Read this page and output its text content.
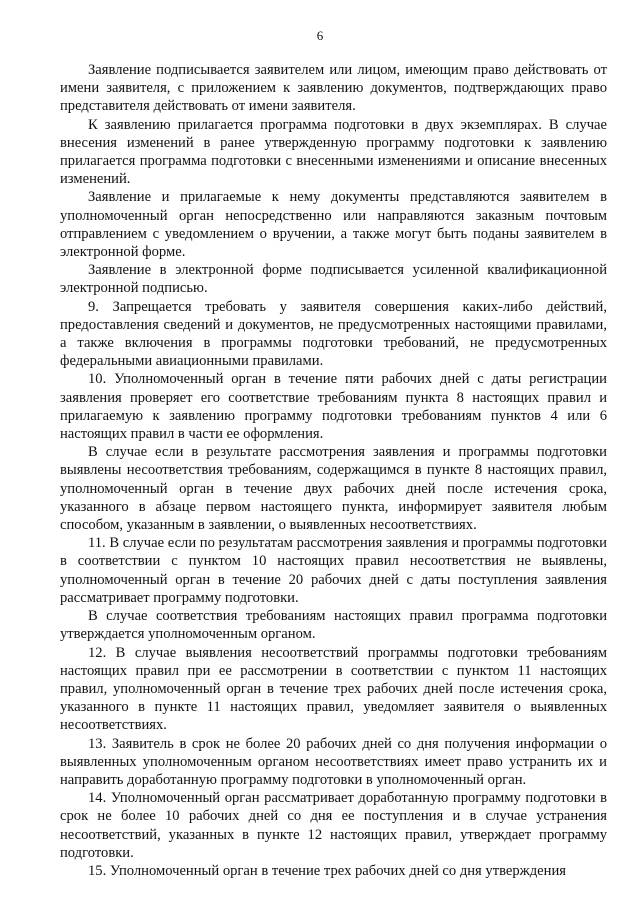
6

Заявление подписывается заявителем или лицом, имеющим право действовать от имени заявителя, с приложением к заявлению документов, подтверждающих право представителя действовать от имени заявителя.

К заявлению прилагается программа подготовки в двух экземплярах. В случае внесения изменений в ранее утвержденную программу подготовки к заявлению прилагается программа подготовки с внесенными изменениями и описание внесенных изменений.

Заявление и прилагаемые к нему документы представляются заявителем в уполномоченный орган непосредственно или направляются заказным почтовым отправлением с уведомлением о вручении, а также могут быть поданы заявителем в электронной форме.

Заявление в электронной форме подписывается усиленной квалификационной электронной подписью.

9. Запрещается требовать у заявителя совершения каких-либо действий, предоставления сведений и документов, не предусмотренных настоящими правилами, а также включения в программы подготовки требований, не предусмотренных федеральными авиационными правилами.

10. Уполномоченный орган в течение пяти рабочих дней с даты регистрации заявления проверяет его соответствие требованиям пункта 8 настоящих правил и прилагаемую к заявлению программу подготовки требованиям пунктов 4 или 6 настоящих правил в части ее оформления.

В случае если в результате рассмотрения заявления и программы подготовки выявлены несоответствия требованиям, содержащимся в пункте 8 настоящих правил, уполномоченный орган в течение двух рабочих дней после истечения срока, указанного в абзаце первом настоящего пункта, информирует заявителя любым способом, указанным в заявлении, о выявленных несоответствиях.

11. В случае если по результатам рассмотрения заявления и программы подготовки в соответствии с пунктом 10 настоящих правил несоответствия не выявлены, уполномоченный орган в течение 20 рабочих дней с даты поступления заявления рассматривает программу подготовки.

В случае соответствия требованиям настоящих правил программа подготовки утверждается уполномоченным органом.

12. В случае выявления несоответствий программы подготовки требованиям настоящих правил при ее рассмотрении в соответствии с пунктом 11 настоящих правил, уполномоченный орган в течение трех рабочих дней после истечения срока, указанного в пункте 11 настоящих правил, уведомляет заявителя о выявленных несоответствиях.

13. Заявитель в срок не более 20 рабочих дней со дня получения информации о выявленных уполномоченным органом несоответствиях имеет право устранить их и направить доработанную программу подготовки в уполномоченный орган.

14. Уполномоченный орган рассматривает доработанную программу подготовки в срок не более 10 рабочих дней со дня ее поступления и в случае устранения несоответствий, указанных в пункте 12 настоящих правил, утверждает программу подготовки.

15. Уполномоченный орган в течение трех рабочих дней со дня утверждения
